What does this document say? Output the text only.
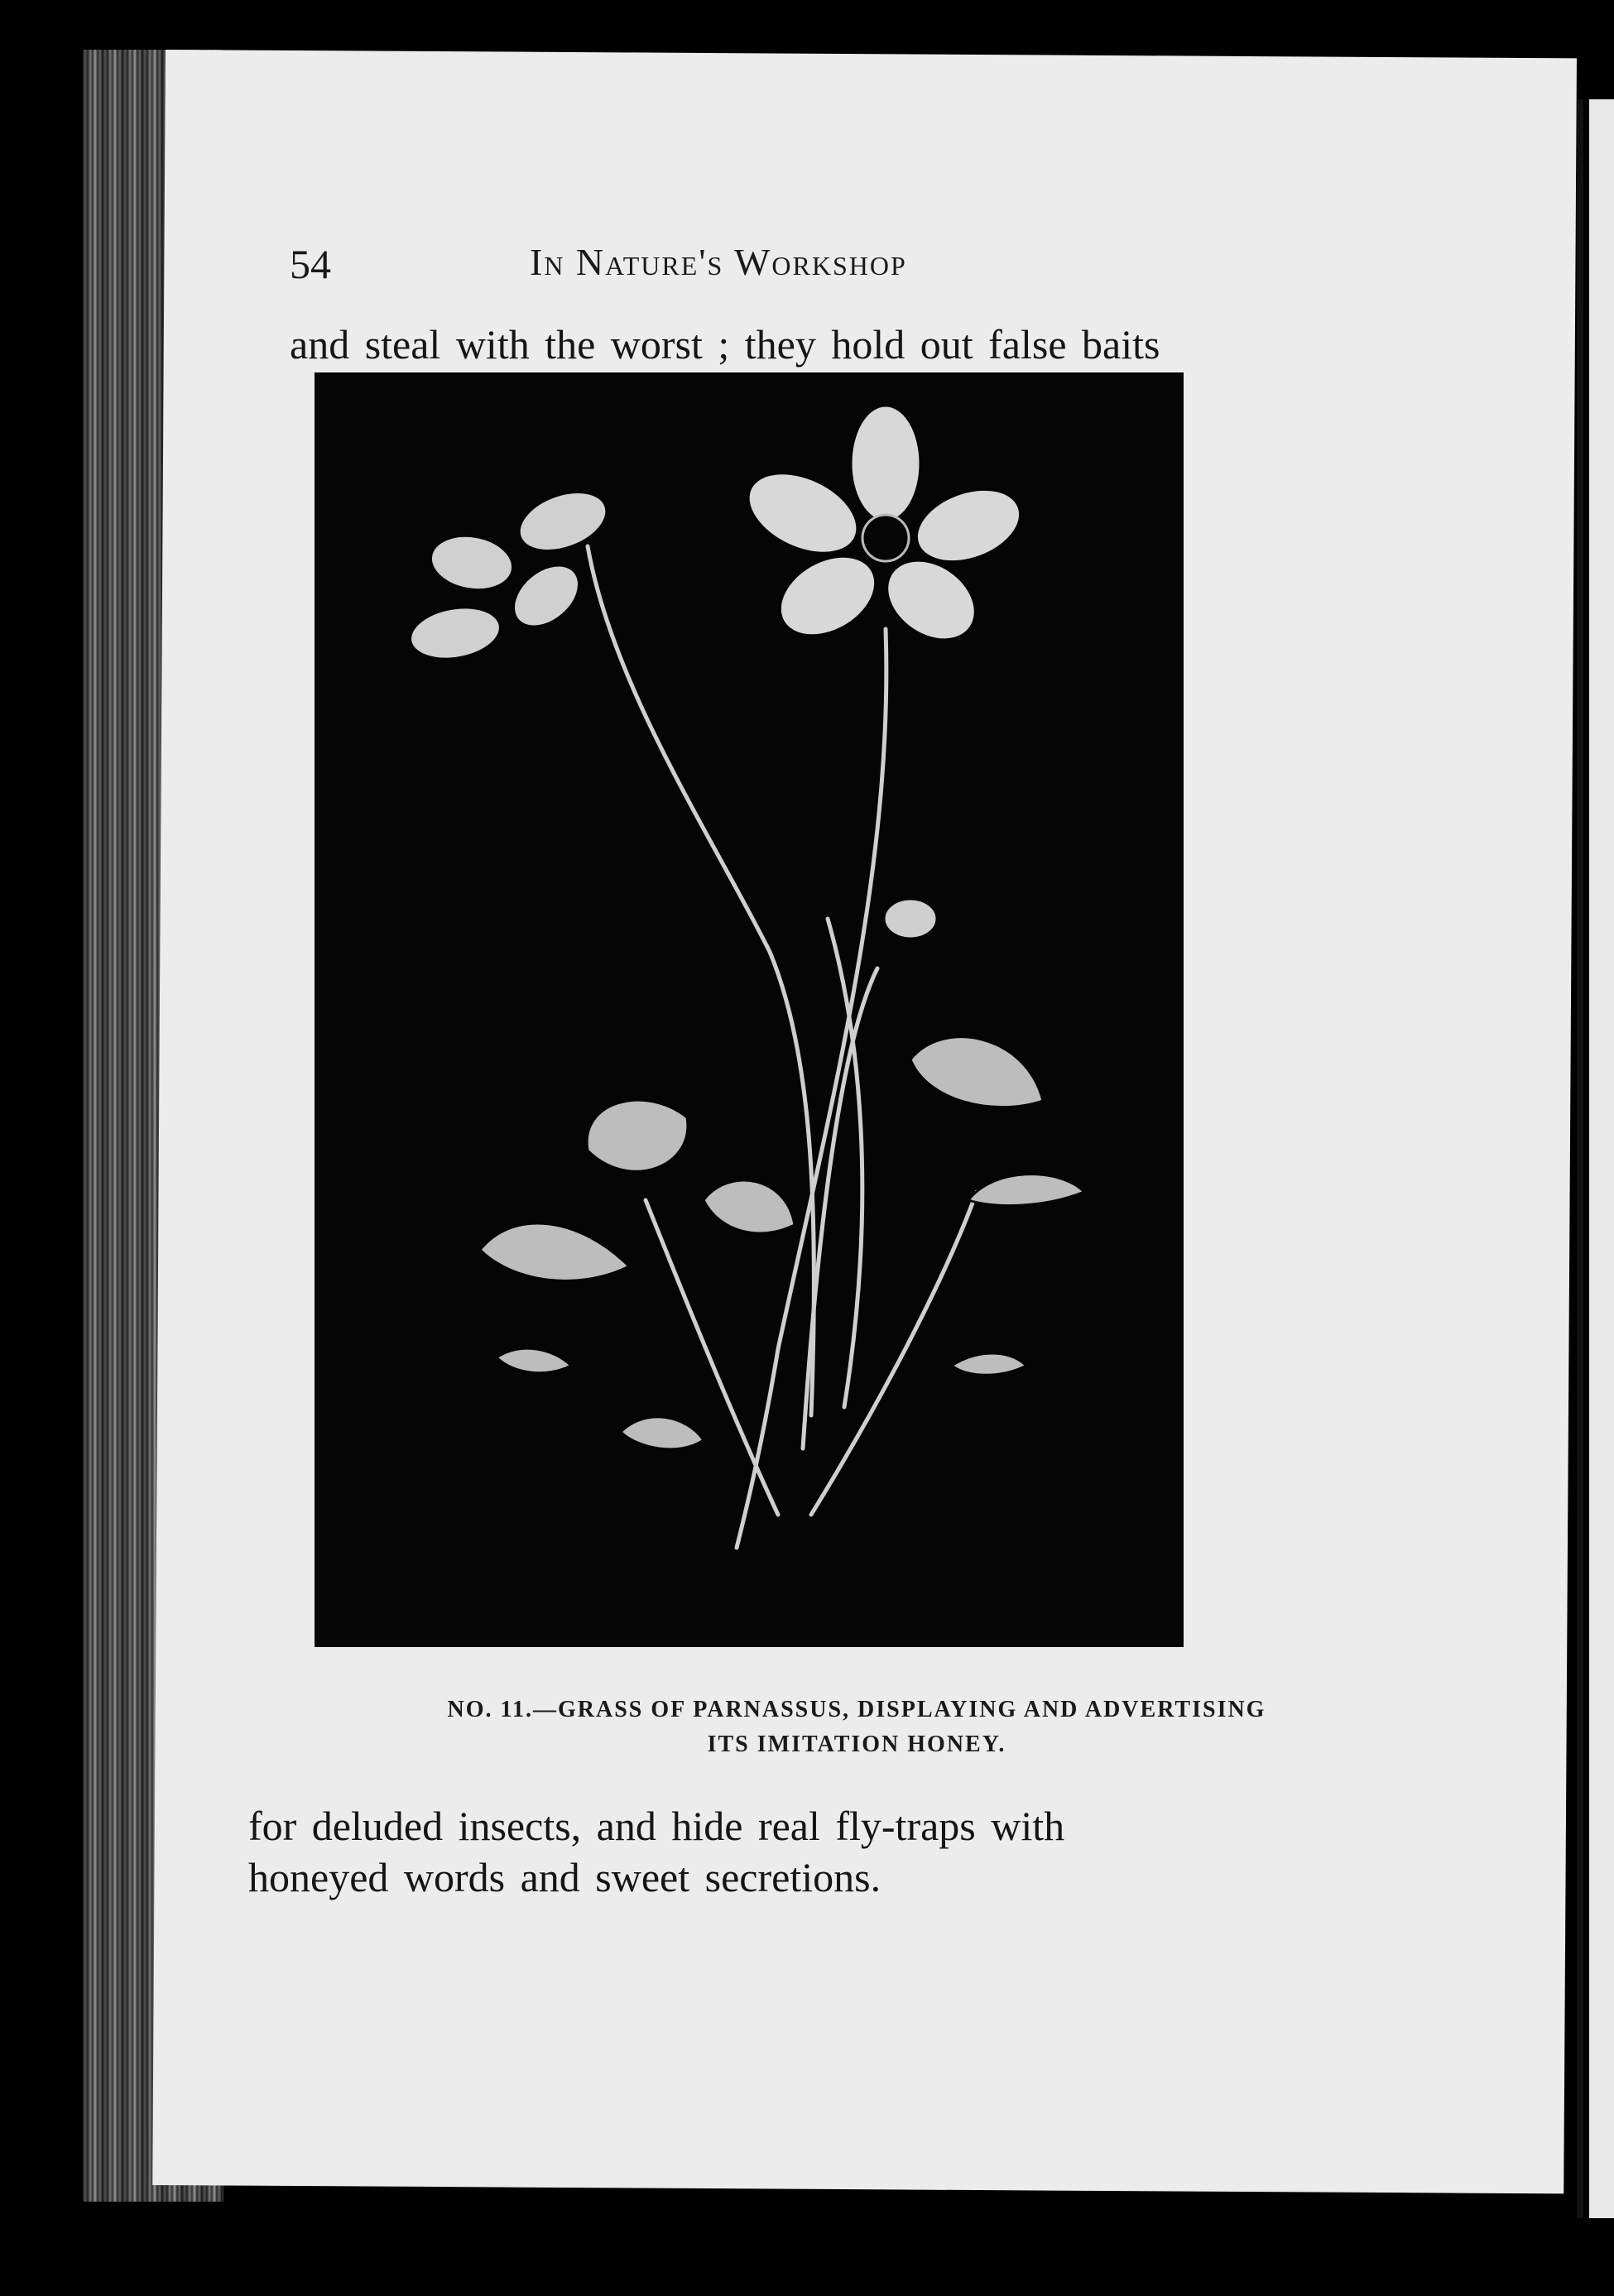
54	In Nature's Workshop
and steal with the worst ; they hold out false baits
NO. 11.—GRASS OF PARNASSUS, DISPLAYING AND ADVERTISING
ITS IMITATION HONEY.
for deluded insects, and hide real fly-traps with
honeyed words and sweet secretions.
